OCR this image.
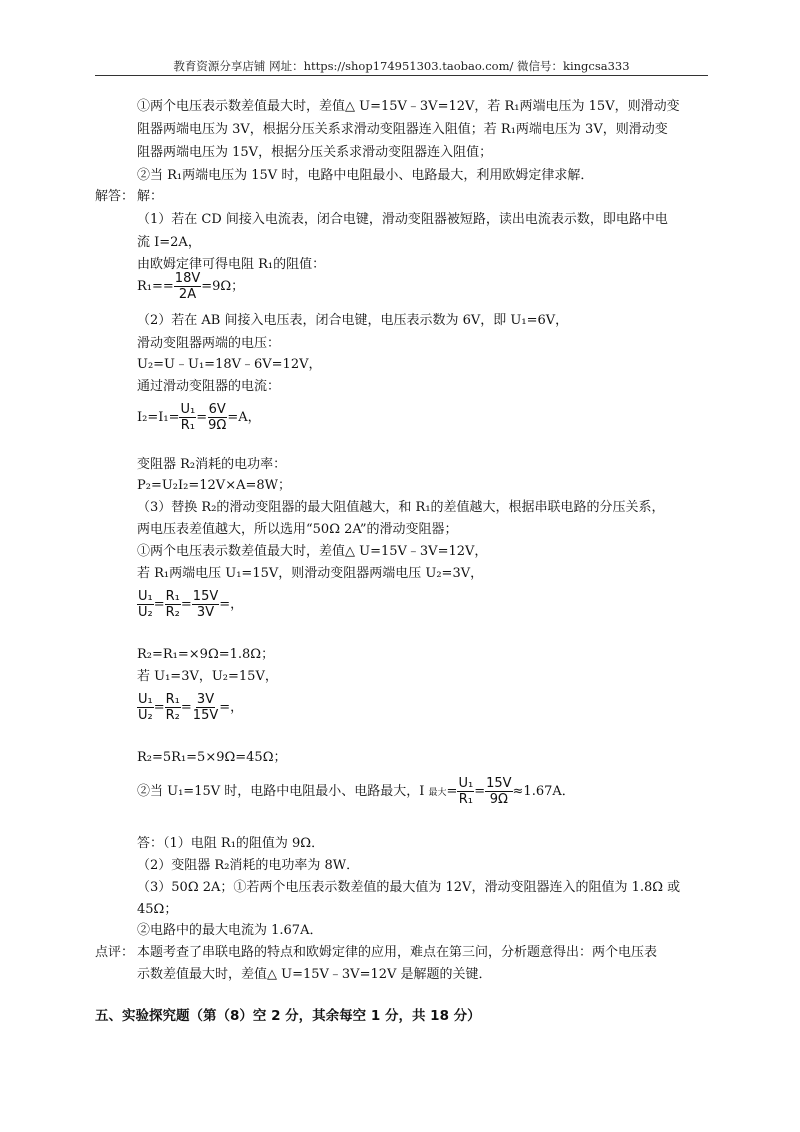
教育资源分享店铺 网址：https://shop174951303.taobao.com/ 微信号：kingcsa333
①两个电压表示数差值最大时，差值△ U=15V﹣3V=12V，若 R₁两端电压为 15V，则滑动变
阻器两端电压为 3V，根据分压关系求滑动变阻器连入阻值；若 R₁两端电压为 3V，则滑动变
阻器两端电压为 15V，根据分压关系求滑动变阻器连入阻值；
②当 R₁两端电压为 15V 时，电路中电阻最小、电路最大，利用欧姆定律求解．
解答： 解：
（1）若在 CD 间接入电流表，闭合电键，滑动变阻器被短路，读出电流表示数，即电路中电
流 I=2A，
由欧姆定律可得电阻 R₁的阻值：
$R_1== \frac{18V}{2A} =9\Omega$；
（2）若在 AB 间接入电压表，闭合电键，电压表示数为 6V，即 U₁=6V，
滑动变阻器两端的电压：
U₂=U﹣U₁=18V﹣6V=12V，
通过滑动变阻器的电流：
$I_2=I_1= \frac{\text{U₁}}{\text{R₁}} = \frac{6V}{9\Omega} =A$，
变阻器 R₂消耗的电功率：
P₂=U₂I₂=12V×A=8W；
（3）替换 R₂的滑动变阻器的最大阻值越大，和 R₁的差值越大，根据串联电路的分压关系，
两电压表差值越大，所以选用“50Ω 2A”的滑动变阻器；
①两个电压表示数差值最大时，差值△ U=15V﹣3V=12V，
若 R₁两端电压 U₁=15V，则滑动变阻器两端电压 U₂=3V，
$\frac{\text{U₁}}{\text{U₂}} = \frac{\text{R₁}}{\text{R₂}} = \frac{15V}{3V}$ =，
R₂=R₁=×9Ω=1.8Ω；
若 U₁=3V，U₂=15V，
$\frac{\text{U₁}}{\text{U₂}} = \frac{\text{R₁}}{\text{R₂}} = \frac{3V}{15V}$ =，
R₂=5R₁=5×9Ω=45Ω；
②当 U₁=15V 时，电路中电阻最小、电路最大，I 最大= $\frac{\text{U₁}}{\text{R₁}} = \frac{15V}{9\Omega} \approx 1.67A$．
答：（1）电阻 R₁的阻值为 9Ω．
（2）变阻器 R₂消耗的电功率为 8W．
（3）50Ω 2A；①若两个电压表示数差值的最大值为 12V，滑动变阻器连入的阻值为 1.8Ω 或
45Ω；
②电路中的最大电流为 1.67A．
点评： 本题考查了串联电路的特点和欧姆定律的应用，难点在第三问，分析题意得出：两个电压表
示数差值最大时，差值△ U=15V﹣3V=12V 是解题的关键．
五、实验探究题（第（8）空 2 分，其余每空 1 分，共 18 分）
